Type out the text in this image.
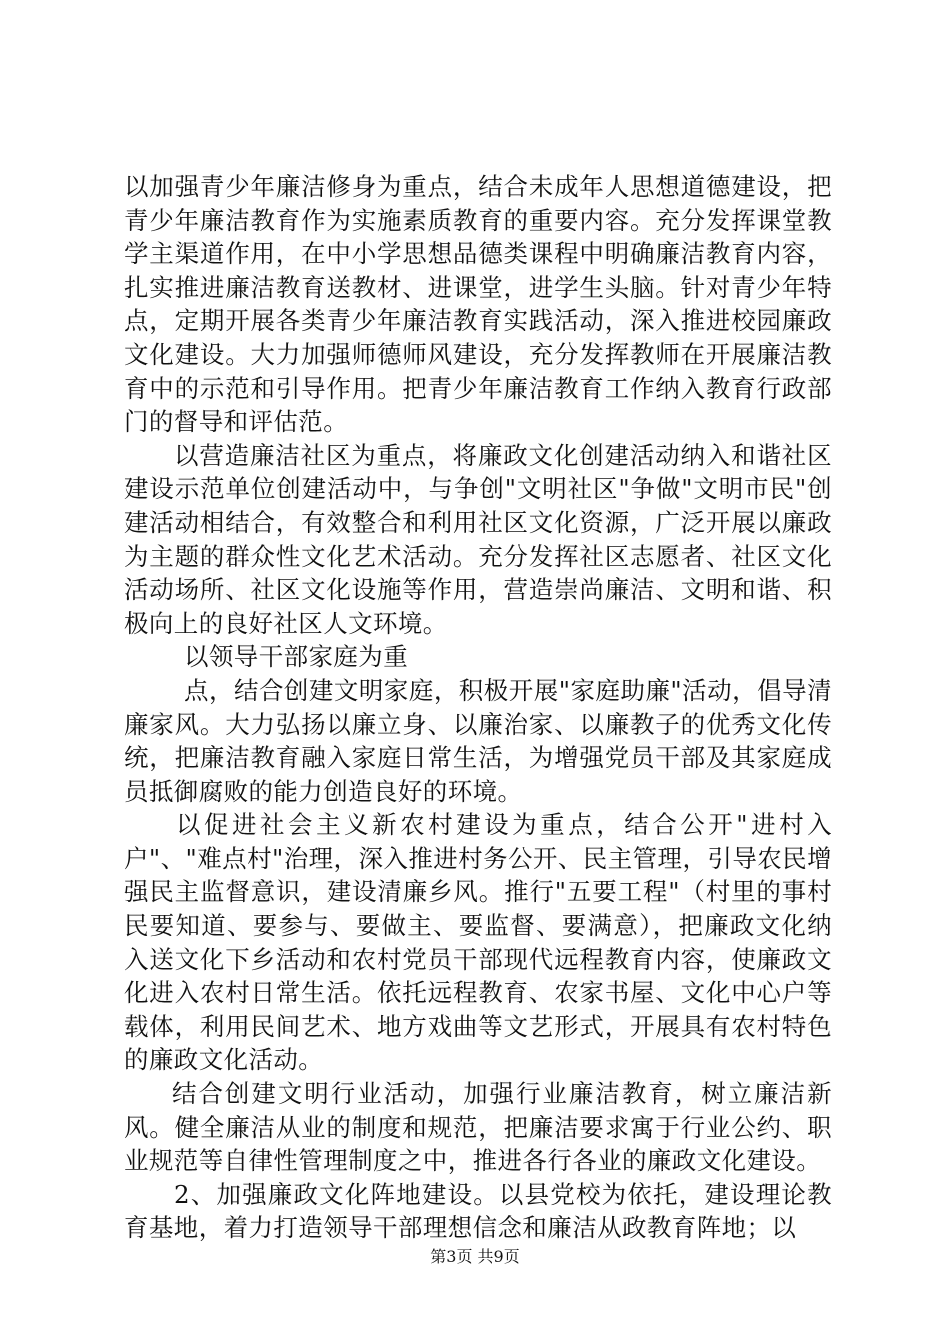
以加强青少年廉洁修身为重点，结合未成年人思想道德建设，把青少年廉洁教育作为实施素质教育的重要内容。充分发挥课堂教学主渠道作用，在中小学思想品德类课程中明确廉洁教育内容，扎实推进廉洁教育送教材、进课堂，进学生头脑。针对青少年特点，定期开展各类青少年廉洁教育实践活动，深入推进校园廉政文化建设。大力加强师德师风建设，充分发挥教师在开展廉洁教育中的示范和引导作用。把青少年廉洁教育工作纳入教育行政部门的督导和评估范。

以营造廉洁社区为重点，将廉政文化创建活动纳入和谐社区建设示范单位创建活动中，与争创"文明社区"争做"文明市民"创建活动相结合，有效整合和利用社区文化资源，广泛开展以廉政为主题的群众性文化艺术活动。充分发挥社区志愿者、社区文化活动场所、社区文化设施等作用，营造崇尚廉洁、文明和谐、积极向上的良好社区人文环境。

以领导干部家庭为重

点，结合创建文明家庭，积极开展"家庭助廉"活动，倡导清廉家风。大力弘扬以廉立身、以廉治家、以廉教子的优秀文化传统，把廉洁教育融入家庭日常生活，为增强党员干部及其家庭成员抵御腐败的能力创造良好的环境。

以促进社会主义新农村建设为重点，结合公开"进村入户"、"难点村"治理，深入推进村务公开、民主管理，引导农民增强民主监督意识，建设清廉乡风。推行"五要工程"（村里的事村民要知道、要参与、要做主、要监督、要满意），把廉政文化纳入送文化下乡活动和农村党员干部现代远程教育内容，使廉政文化进入农村日常生活。依托远程教育、农家书屋、文化中心户等载体，利用民间艺术、地方戏曲等文艺形式，开展具有农村特色的廉政文化活动。

结合创建文明行业活动，加强行业廉洁教育，树立廉洁新风。健全廉洁从业的制度和规范，把廉洁要求寓于行业公约、职业规范等自律性管理制度之中，推进各行各业的廉政文化建设。

2、加强廉政文化阵地建设。以县党校为依托，建设理论教育基地，着力打造领导干部理想信念和廉洁从政教育阵地；以

第3页 共9页
